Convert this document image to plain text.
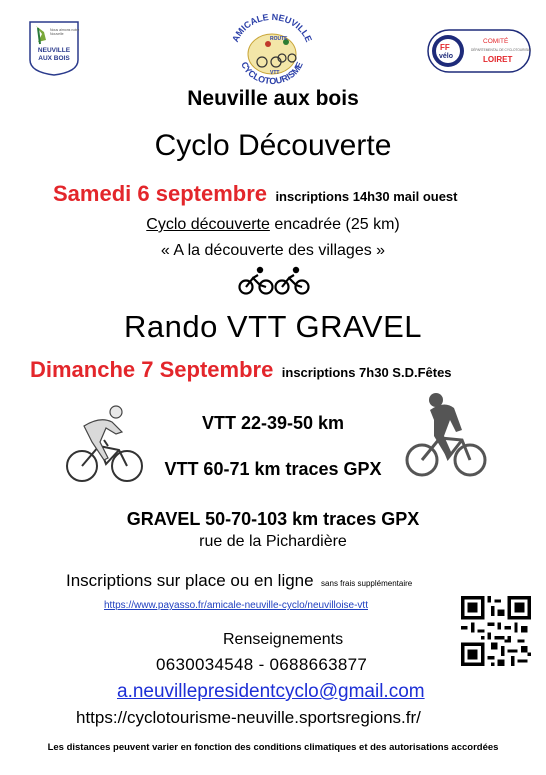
Nous aimons notre Nouvelle
NEUVILLE
AUX BOIS
AMICALE NEUVILLE
CYCLOTOURISME
ROUTE
VTT
FF
vélo
COMITÉ
DÉPARTEMENTAL DE CYCLOTOURISME
LOIRET
Neuville aux bois
Cyclo Découverte
Samedi 6 septembre inscriptions 14h30 mail ouest
Cyclo découverte encadrée (25 km)
« A la découverte des villages »
Rando VTT GRAVEL
Dimanche 7 Septembre inscriptions 7h30 S.D.Fêtes
VTT 22-39-50 km
VTT 60-71 km traces GPX
GRAVEL 50-70-103 km traces GPX
rue de la Pichardière
Inscriptions sur place ou en ligne sans frais supplémentaire
https://www.payasso.fr/amicale-neuville-cyclo/neuvilloise-vtt
Renseignements
0630034548 - 0688663877
a.neuvillepresidentcyclo@gmail.com
https://cyclotourisme-neuville.sportsregions.fr/
Les distances peuvent varier en fonction des conditions climatiques et des autorisations accordées
